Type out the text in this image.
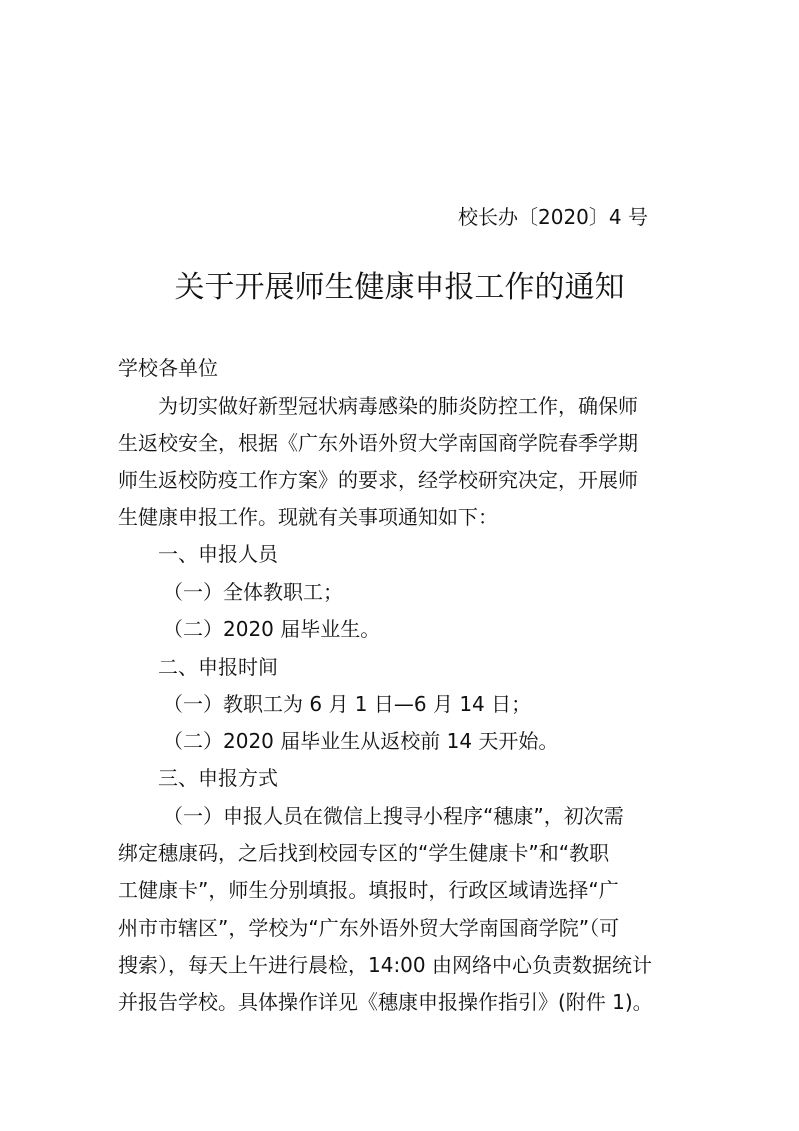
校长办〔2020〕4 号
关于开展师生健康申报工作的通知
学校各单位
为切实做好新型冠状病毒感染的肺炎防控工作，确保师
生返校安全，根据《广东外语外贸大学南国商学院春季学期
师生返校防疫工作方案》的要求，经学校研究决定，开展师
生健康申报工作。现就有关事项通知如下：
一、申报人员
（一）全体教职工；
（二）2020 届毕业生。
二、申报时间
（一）教职工为 6 月 1 日—6 月 14 日；
（二）2020 届毕业生从返校前 14 天开始。
三、申报方式
（一）申报人员在微信上搜寻小程序“穗康”，初次需
绑定穗康码，之后找到校园专区的“学生健康卡”和“教职
工健康卡”，师生分别填报。填报时，行政区域请选择“广
州市市辖区”，学校为“广东外语外贸大学南国商学院”（可
搜索），每天上午进行晨检，14:00 由网络中心负责数据统计
并报告学校。具体操作详见《穗康申报操作指引》(附件 1)。
